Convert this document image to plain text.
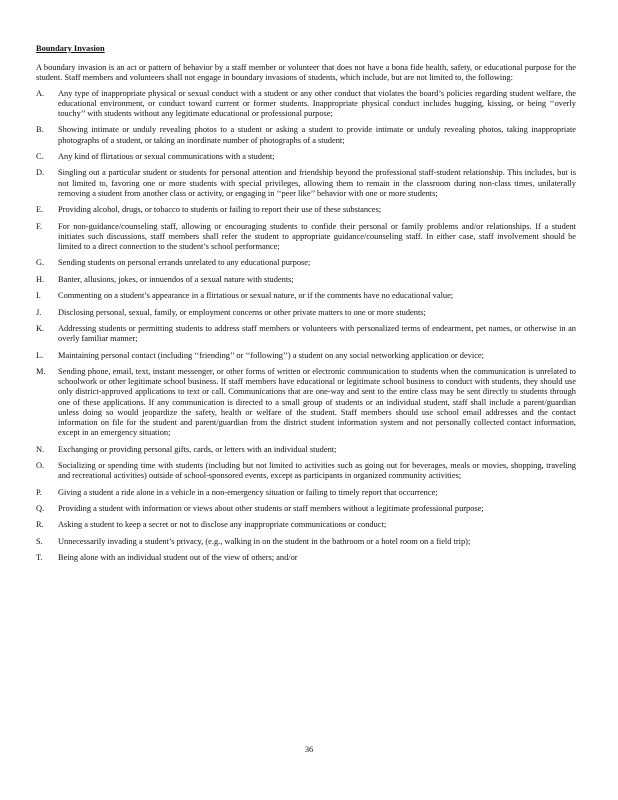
Boundary Invasion

A boundary invasion is an act or pattern of behavior by a staff member or volunteer that does not have a bona fide health, safety, or educational purpose for the student. Staff members and volunteers shall not engage in boundary invasions of students, which include, but are not limited to, the following:

A.	Any type of inappropriate physical or sexual conduct with a student or any other conduct that violates the board’s policies regarding student welfare, the educational environment, or conduct toward current or former students. Inappropriate physical conduct includes hugging, kissing, or being ‘‘overly touchy’’ with students without any legitimate educational or professional purpose;
B.	Showing intimate or unduly revealing photos to a student or asking a student to provide intimate or unduly revealing photos, taking inappropriate photographs of a student, or taking an inordinate number of photographs of a student;
C.	Any kind of flirtatious or sexual communications with a student;
D.	Singling out a particular student or students for personal attention and friendship beyond the professional staff-student relationship. This includes, but is not limited to, favoring one or more students with special privileges, allowing them to remain in the classroom during non-class times, unilaterally removing a student from another class or activity, or engaging in ‘‘peer like’’ behavior with one or more students;
E.	Providing alcohol, drugs, or tobacco to students or failing to report their use of these substances;
F.	For non-guidance/counseling staff, allowing or encouraging students to confide their personal or family problems and/or relationships. If a student initiates such discussions, staff members shall refer the student to appropriate guidance/counseling staff. In either case, staff involvement should be limited to a direct connection to the student’s school performance;
G.	Sending students on personal errands unrelated to any educational purpose;
H.	Banter, allusions, jokes, or innuendos of a sexual nature with students;
I.	Commenting on a student’s appearance in a flirtatious or sexual nature, or if the comments have no educational value;
J.	Disclosing personal, sexual, family, or employment concerns or other private matters to one or more students;
K.	Addressing students or permitting students to address staff members or volunteers with personalized terms of endearment, pet names, or otherwise in an overly familiar manner;
L.	Maintaining personal contact (including ‘‘friending’’ or ‘‘following’’) a student on any social networking application or device;
M.	Sending phone, email, text, instant messenger, or other forms of written or electronic communication to students when the communication is unrelated to schoolwork or other legitimate school business. If staff members have educational or legitimate school business to conduct with students, they should use only district-approved applications to text or call. Communications that are one-way and sent to the entire class may be sent directly to students through one of these applications. If any communication is directed to a small group of students or an individual student, staff shall include a parent/guardian unless doing so would jeopardize the safety, health or welfare of the student. Staff members should use school email addresses and the contact information on file for the student and parent/guardian from the district student information system and not personally collected contact information, except in an emergency situation;
N.	Exchanging or providing personal gifts, cards, or letters with an individual student;
O.	Socializing or spending time with students (including but not limited to activities such as going out for beverages, meals or movies, shopping, traveling and recreational activities) outside of school-sponsored events, except as participants in organized community activities;
P.	Giving a student a ride alone in a vehicle in a non-emergency situation or failing to timely report that occurrence;
Q.	Providing a student with information or views about other students or staff members without a legitimate professional purpose;
R.	Asking a student to keep a secret or not to disclose any inappropriate communications or conduct;
S.	Unnecessarily invading a student’s privacy, (e.g., walking in on the student in the bathroom or a hotel room on a field trip);
T.	Being alone with an individual student out of the view of others; and/or
36
